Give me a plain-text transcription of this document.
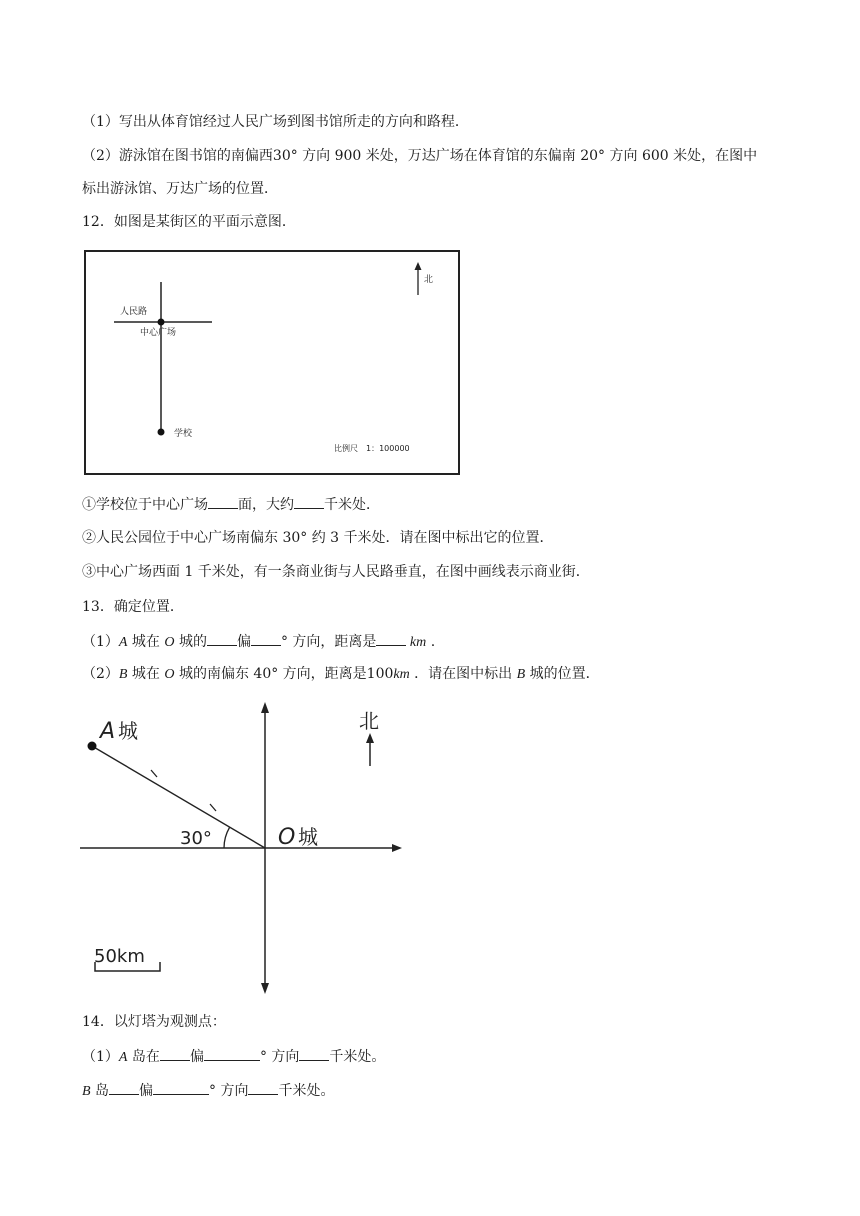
（1）写出从体育馆经过人民广场到图书馆所走的方向和路程．
（2）游泳馆在图书馆的南偏西30° 方向 900 米处，万达广场在体育馆的东偏南 20° 方向 600 米处，在图中
标出游泳馆、万达广场的位置．
12．如图是某街区的平面示意图．
人民路
中心广场
学校
北
比例尺　1：100000
①学校位于中心广场 面，大约 千米处．
②人民公园位于中心广场南偏东 30° 约 3 千米处．请在图中标出它的位置．
③中心广场西面 1 千米处，有一条商业街与人民路垂直，在图中画线表示商业街．
13．确定位置．
（1）A 城在 O 城的 偏 ° 方向，距离是 km .
（2）B 城在 O 城的南偏东 40° 方向，距离是100km ．请在图中标出 B 城的位置．
A 城
30°	O 城
北
50km
14．以灯塔为观测点：
（1）A 岛在 偏	° 方向 千米处。
B 岛 偏	° 方向 千米处。
